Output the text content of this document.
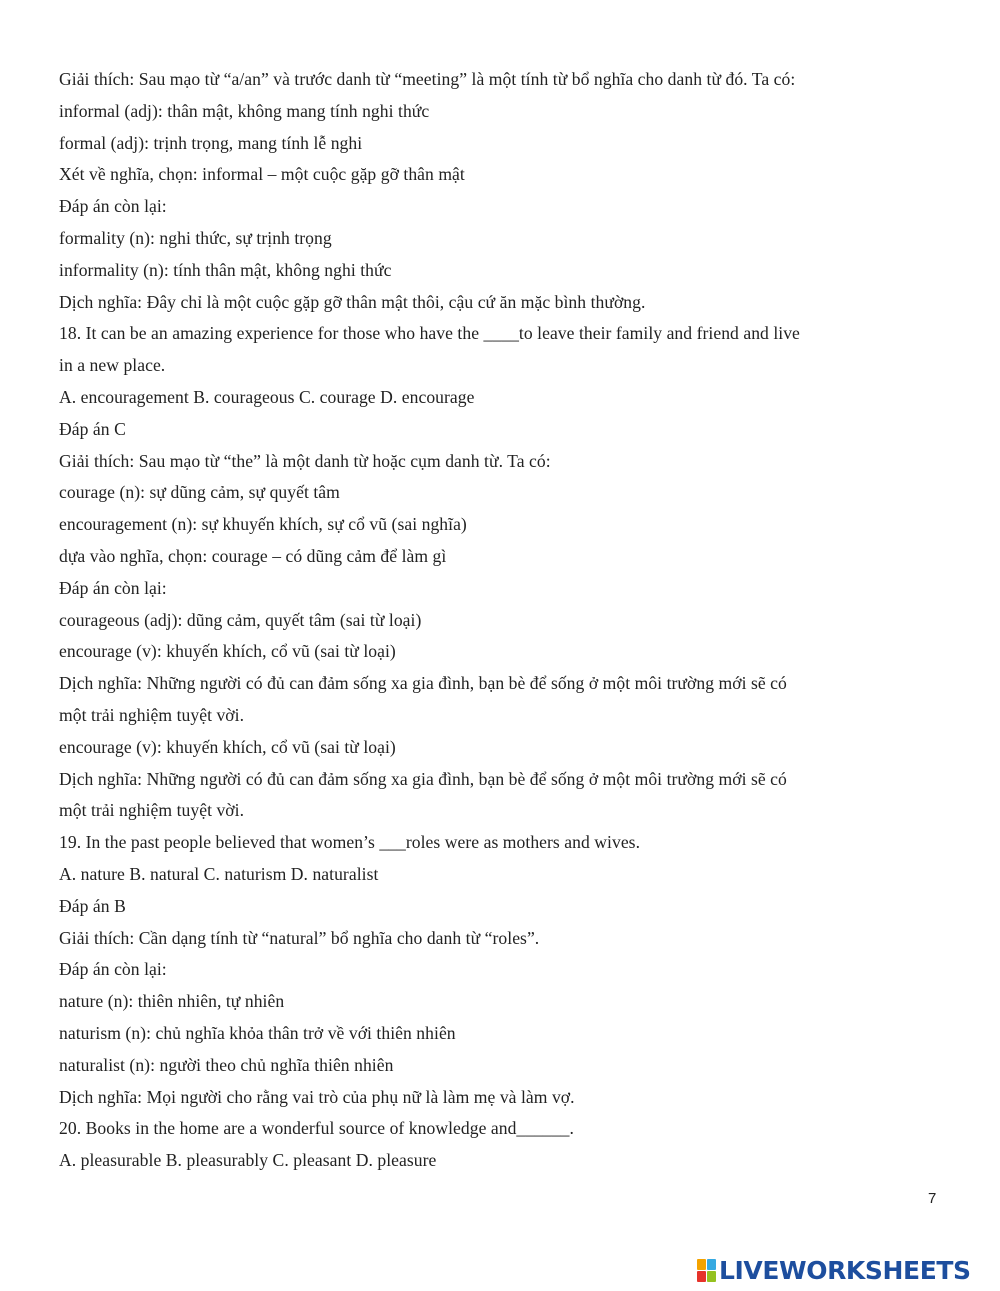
Giải thích: Sau mạo từ “a/an” và trước danh từ “meeting” là một tính từ bổ nghĩa cho danh từ đó. Ta có:
informal (adj): thân mật, không mang tính nghi thức
formal (adj): trịnh trọng, mang tính lễ nghi
Xét về nghĩa, chọn: informal – một cuộc gặp gỡ thân mật
Đáp án còn lại:
formality (n): nghi thức, sự trịnh trọng
informality (n): tính thân mật, không nghi thức
Dịch nghĩa: Đây chỉ là một cuộc gặp gỡ thân mật thôi, cậu cứ ăn mặc bình thường.
18. It can be an amazing experience for those who have the ____to leave their family and friend and live
in a new place.
A. encouragement B. courageous C. courage D. encourage
Đáp án C
Giải thích: Sau mạo từ “the” là một danh từ hoặc cụm danh từ. Ta có:
courage (n): sự dũng cảm, sự quyết tâm
encouragement (n): sự khuyến khích, sự cổ vũ (sai nghĩa)
dựa vào nghĩa, chọn: courage – có dũng cảm để làm gì
Đáp án còn lại:
courageous (adj): dũng cảm, quyết tâm (sai từ loại)
encourage (v): khuyến khích, cổ vũ (sai từ loại)
Dịch nghĩa: Những người có đủ can đảm sống xa gia đình, bạn bè để sống ở một môi trường mới sẽ có
một trải nghiệm tuyệt vời.
encourage (v): khuyến khích, cổ vũ (sai từ loại)
Dịch nghĩa: Những người có đủ can đảm sống xa gia đình, bạn bè để sống ở một môi trường mới sẽ có
một trải nghiệm tuyệt vời.
19. In the past people believed that women’s ___roles were as mothers and wives.
A. nature B. natural C. naturism D. naturalist
Đáp án B
Giải thích: Cần dạng tính từ “natural” bổ nghĩa cho danh từ “roles”.
Đáp án còn lại:
nature (n): thiên nhiên, tự nhiên
naturism (n): chủ nghĩa khỏa thân trở về với thiên nhiên
naturalist (n): người theo chủ nghĩa thiên nhiên
Dịch nghĩa: Mọi người cho rằng vai trò của phụ nữ là làm mẹ và làm vợ.
20. Books in the home are a wonderful source of knowledge and______.
A. pleasurable B. pleasurably C. pleasant D. pleasure
7
LIVEWORKSHEETS
